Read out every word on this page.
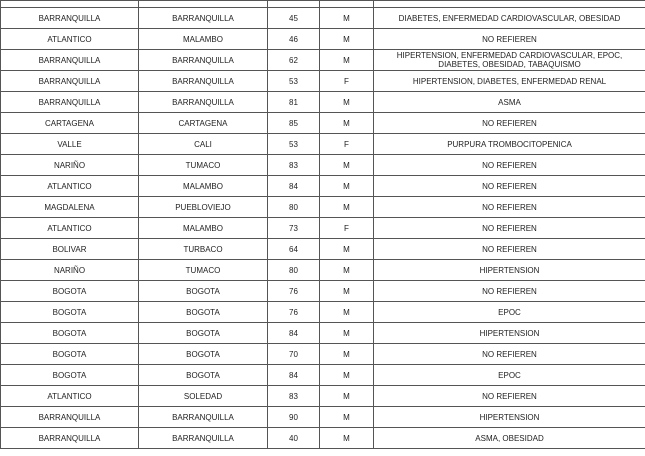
BARRANQUILLA	BARRANQUILLA	45	M	DIABETES, ENFERMEDAD CARDIOVASCULAR, OBESIDAD
ATLANTICO	MALAMBO	46	M	NO REFIEREN
BARRANQUILLA	BARRANQUILLA	62	M	HIPERTENSION, ENFERMEDAD CARDIOVASCULAR, EPOC, DIABETES, OBESIDAD, TABAQUISMO
BARRANQUILLA	BARRANQUILLA	53	F	HIPERTENSION, DIABETES, ENFERMEDAD RENAL
BARRANQUILLA	BARRANQUILLA	81	M	ASMA
CARTAGENA	CARTAGENA	85	M	NO REFIEREN
VALLE	CALI	53	F	PURPURA TROMBOCITOPENICA
NARIÑO	TUMACO	83	M	NO REFIEREN
ATLANTICO	MALAMBO	84	M	NO REFIEREN
MAGDALENA	PUEBLOVIEJO	80	M	NO REFIEREN
ATLANTICO	MALAMBO	73	F	NO REFIEREN
BOLIVAR	TURBACO	64	M	NO REFIEREN
NARIÑO	TUMACO	80	M	HIPERTENSION
BOGOTA	BOGOTA	76	M	NO REFIEREN
BOGOTA	BOGOTA	76	M	EPOC
BOGOTA	BOGOTA	84	M	HIPERTENSION
BOGOTA	BOGOTA	70	M	NO REFIEREN
BOGOTA	BOGOTA	84	M	EPOC
ATLANTICO	SOLEDAD	83	M	NO REFIEREN
BARRANQUILLA	BARRANQUILLA	90	M	HIPERTENSION
BARRANQUILLA	BARRANQUILLA	40	M	ASMA, OBESIDAD
